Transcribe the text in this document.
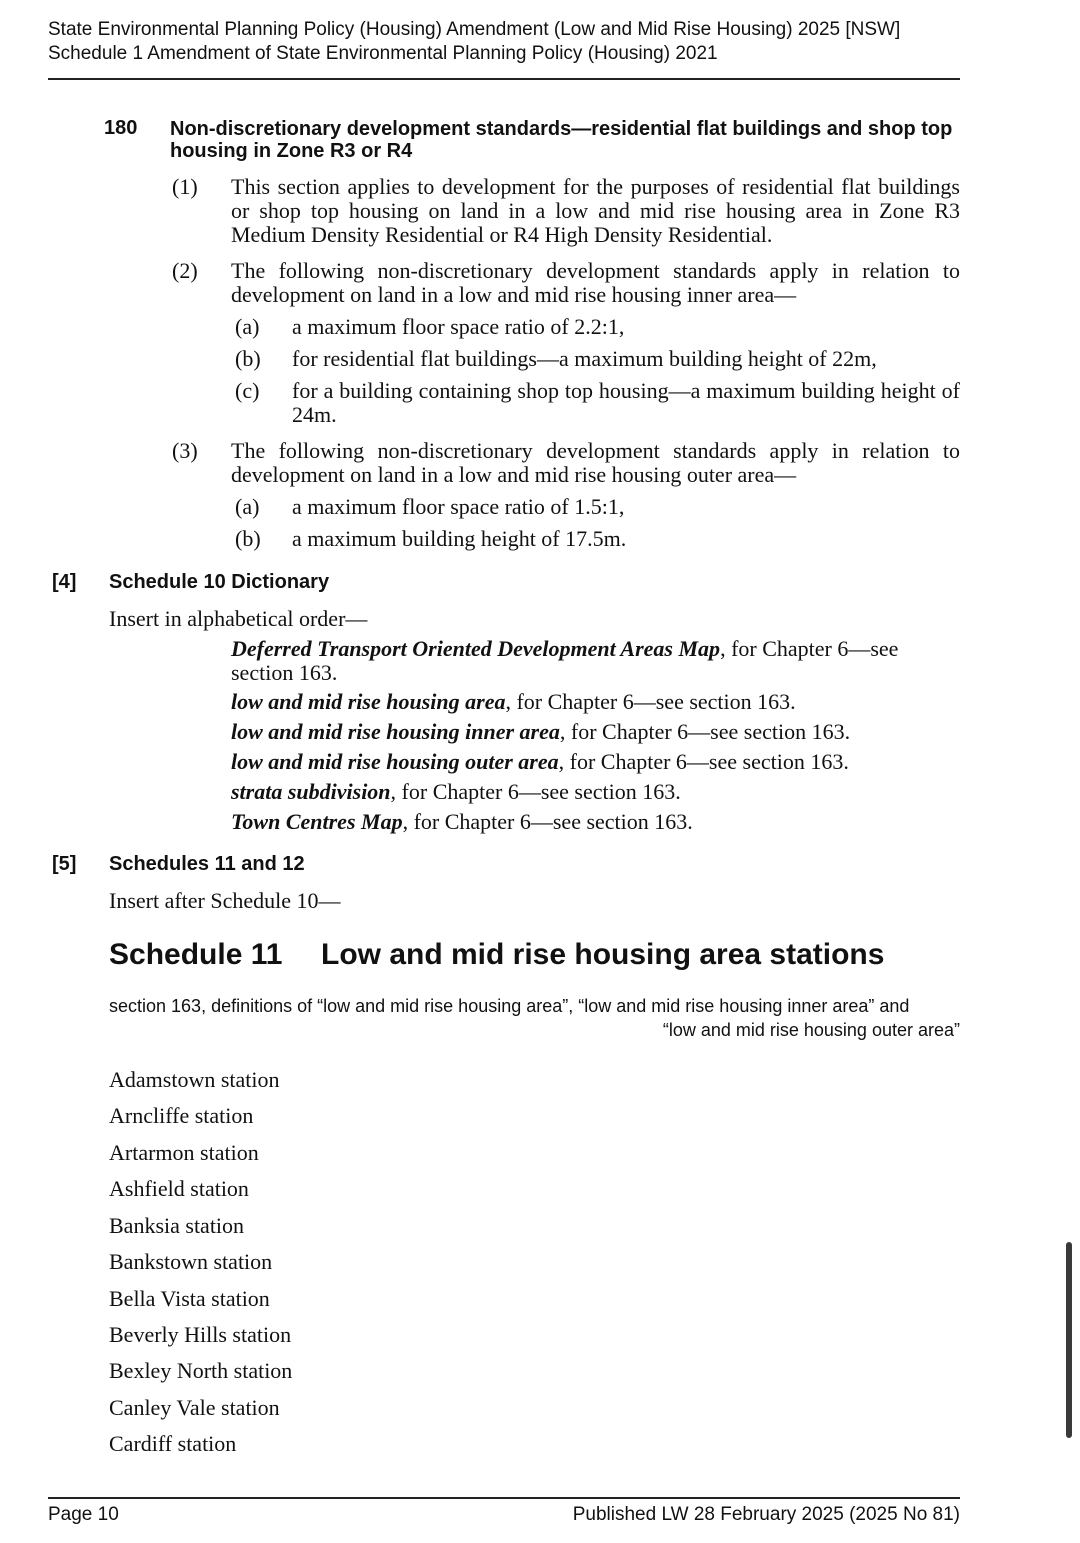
State Environmental Planning Policy (Housing) Amendment (Low and Mid Rise Housing) 2025 [NSW]
Schedule 1 Amendment of State Environmental Planning Policy (Housing) 2021
180 Non-discretionary development standards—residential flat buildings and shop top housing in Zone R3 or R4
(1) This section applies to development for the purposes of residential flat buildings or shop top housing on land in a low and mid rise housing area in Zone R3 Medium Density Residential or R4 High Density Residential.
(2) The following non-discretionary development standards apply in relation to development on land in a low and mid rise housing inner area—
(a) a maximum floor space ratio of 2.2:1,
(b) for residential flat buildings—a maximum building height of 22m,
(c) for a building containing shop top housing—a maximum building height of 24m.
(3) The following non-discretionary development standards apply in relation to development on land in a low and mid rise housing outer area—
(a) a maximum floor space ratio of 1.5:1,
(b) a maximum building height of 17.5m.
[4] Schedule 10 Dictionary
Insert in alphabetical order—
Deferred Transport Oriented Development Areas Map, for Chapter 6—see section 163.
low and mid rise housing area, for Chapter 6—see section 163.
low and mid rise housing inner area, for Chapter 6—see section 163.
low and mid rise housing outer area, for Chapter 6—see section 163.
strata subdivision, for Chapter 6—see section 163.
Town Centres Map, for Chapter 6—see section 163.
[5] Schedules 11 and 12
Insert after Schedule 10—
Schedule 11 Low and mid rise housing area stations
section 163, definitions of “low and mid rise housing area”, “low and mid rise housing inner area” and
“low and mid rise housing outer area”
Adamstown station
Arncliffe station
Artarmon station
Ashfield station
Banksia station
Bankstown station
Bella Vista station
Beverly Hills station
Bexley North station
Canley Vale station
Cardiff station
Page 10	Published LW 28 February 2025 (2025 No 81)
